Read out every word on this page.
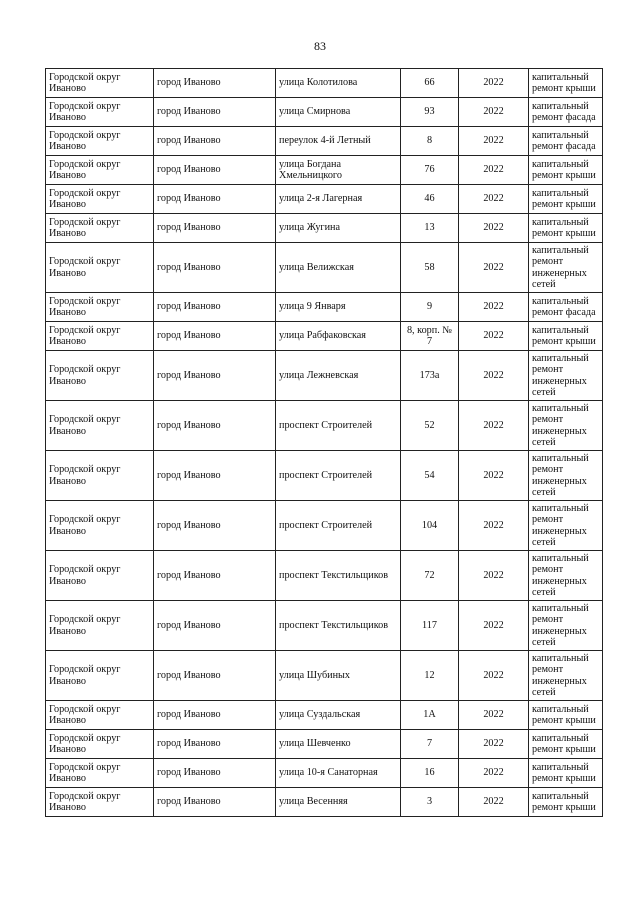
83
Городской округ Иваново	город Иваново	улица Колотилова	66	2022	капитальный ремонт крыши
Городской округ Иваново	город Иваново	улица Смирнова	93	2022	капитальный ремонт фасада
Городской округ Иваново	город Иваново	переулок 4-й Летный	8	2022	капитальный ремонт фасада
Городской округ Иваново	город Иваново	улица Богдана Хмельницкого	76	2022	капитальный ремонт крыши
Городской округ Иваново	город Иваново	улица 2-я Лагерная	46	2022	капитальный ремонт крыши
Городской округ Иваново	город Иваново	улица Жугина	13	2022	капитальный ремонт крыши
Городской округ Иваново	город Иваново	улица Велижская	58	2022	капитальный ремонт инженерных сетей
Городской округ Иваново	город Иваново	улица 9 Января	9	2022	капитальный ремонт фасада
Городской округ Иваново	город Иваново	улица Рабфаковская	8, корп. № 7	2022	капитальный ремонт крыши
Городской округ Иваново	город Иваново	улица Лежневская	173а	2022	капитальный ремонт инженерных сетей
Городской округ Иваново	город Иваново	проспект Строителей	52	2022	капитальный ремонт инженерных сетей
Городской округ Иваново	город Иваново	проспект Строителей	54	2022	капитальный ремонт инженерных сетей
Городской округ Иваново	город Иваново	проспект Строителей	104	2022	капитальный ремонт инженерных сетей
Городской округ Иваново	город Иваново	проспект Текстильщиков	72	2022	капитальный ремонт инженерных сетей
Городской округ Иваново	город Иваново	проспект Текстильщиков	117	2022	капитальный ремонт инженерных сетей
Городской округ Иваново	город Иваново	улица Шубиных	12	2022	капитальный ремонт инженерных сетей
Городской округ Иваново	город Иваново	улица Суздальская	1А	2022	капитальный ремонт крыши
Городской округ Иваново	город Иваново	улица Шевченко	7	2022	капитальный ремонт крыши
Городской округ Иваново	город Иваново	улица 10-я Санаторная	16	2022	капитальный ремонт крыши
Городской округ Иваново	город Иваново	улица Весенняя	3	2022	капитальный ремонт крыши
